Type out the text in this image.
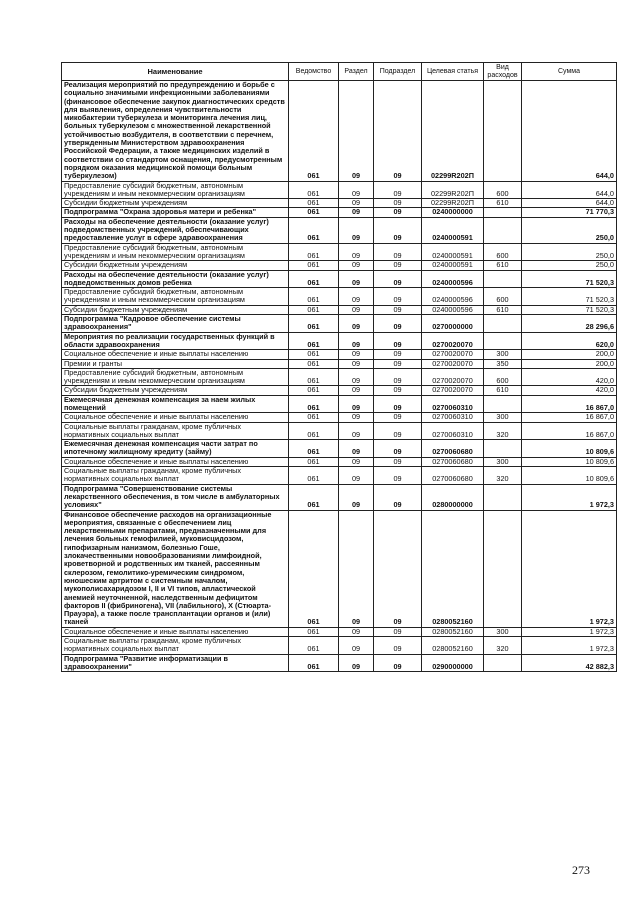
Наименование	Ведомство	Раздел	Подраздел	Целевая статья	Вид расходов	Сумма
Реализация мероприятий по предупреждению и борьбе с социально значимыми инфекционными заболеваниями (финансовое обеспечение закупок диагностических средств для выявления, определения чувствительности микобактерии туберкулеза и мониторинга лечения лиц, больных туберкулезом с множественной лекарственной устойчивостью возбудителя, в соответствии с перечнем, утвержденным Министерством здравоохранения Российской Федерации, а также медицинских изделий в соответствии со стандартом оснащения, предусмотренным порядком оказания медицинской помощи больным туберкулезом)	061	09	09	02299R202П		644,0
Предоставление субсидий бюджетным, автономным учреждениям и иным некоммерческим организациям	061	09	09	02299R202П	600	644,0
Субсидии бюджетным учреждениям	061	09	09	02299R202П	610	644,0
Подпрограмма "Охрана здоровья матери и ребенка"	061	09	09	0240000000		71 770,3
Расходы на обеспечение деятельности (оказание услуг) подведомственных учреждений, обеспечивающих предоставление услуг в сфере здравоохранения	061	09	09	0240000591		250,0
Предоставление субсидий бюджетным, автономным учреждениям и иным некоммерческим организациям	061	09	09	0240000591	600	250,0
Субсидии бюджетным учреждениям	061	09	09	0240000591	610	250,0
Расходы на обеспечение деятельности (оказание услуг) подведомственных домов ребенка	061	09	09	0240000596		71 520,3
Предоставление субсидий бюджетным, автономным учреждениям и иным некоммерческим организациям	061	09	09	0240000596	600	71 520,3
Субсидии бюджетным учреждениям	061	09	09	0240000596	610	71 520,3
Подпрограмма "Кадровое обеспечение системы здравоохранения"	061	09	09	0270000000		28 296,6
Мероприятия по реализации государственных функций в области здравоохранения	061	09	09	0270020070		620,0
Социальное обеспечение и иные выплаты населению	061	09	09	0270020070	300	200,0
Премии и гранты	061	09	09	0270020070	350	200,0
Предоставление субсидий бюджетным, автономным учреждениям и иным некоммерческим организациям	061	09	09	0270020070	600	420,0
Субсидии бюджетным учреждениям	061	09	09	0270020070	610	420,0
Ежемесячная денежная компенсация за наем жилых помещений	061	09	09	0270060310		16 867,0
Социальное обеспечение и иные выплаты населению	061	09	09	0270060310	300	16 867,0
Социальные выплаты гражданам, кроме публичных нормативных социальных выплат	061	09	09	0270060310	320	16 867,0
Ежемесячная денежная компенсация части затрат по ипотечному жилищному кредиту (займу)	061	09	09	0270060680		10 809,6
Социальное обеспечение и иные выплаты населению	061	09	09	0270060680	300	10 809,6
Социальные выплаты гражданам, кроме публичных нормативных социальных выплат	061	09	09	0270060680	320	10 809,6
Подпрограмма "Совершенствование системы лекарственного обеспечения, в том числе в амбулаторных условиях"	061	09	09	0280000000		1 972,3
Финансовое обеспечение расходов на организационные мероприятия, связанные с обеспечением лиц лекарственными препаратами, предназначенными для лечения больных гемофилией, муковисцидозом, гипофизарным нанизмом, болезнью Гоше, злокачественными новообразованиями лимфоидной, кроветворной и родственных им тканей, рассеянным склерозом, гемолитико-уремическим синдромом, юношеским артритом с системным началом, мукополисахаридозом I, II и VI типов, апластической анемией неуточненной, наследственным дефицитом факторов II (фибриногена), VII (лабильного), X (Стюарта-Прауэра), а также после трансплантации органов и (или) тканей	061	09	09	0280052160		1 972,3
Социальное обеспечение и иные выплаты населению	061	09	09	0280052160	300	1 972,3
Социальные выплаты гражданам, кроме публичных нормативных социальных выплат	061	09	09	0280052160	320	1 972,3
Подпрограмма "Развитие информатизации в здравоохранении"	061	09	09	0290000000		42 882,3
273
